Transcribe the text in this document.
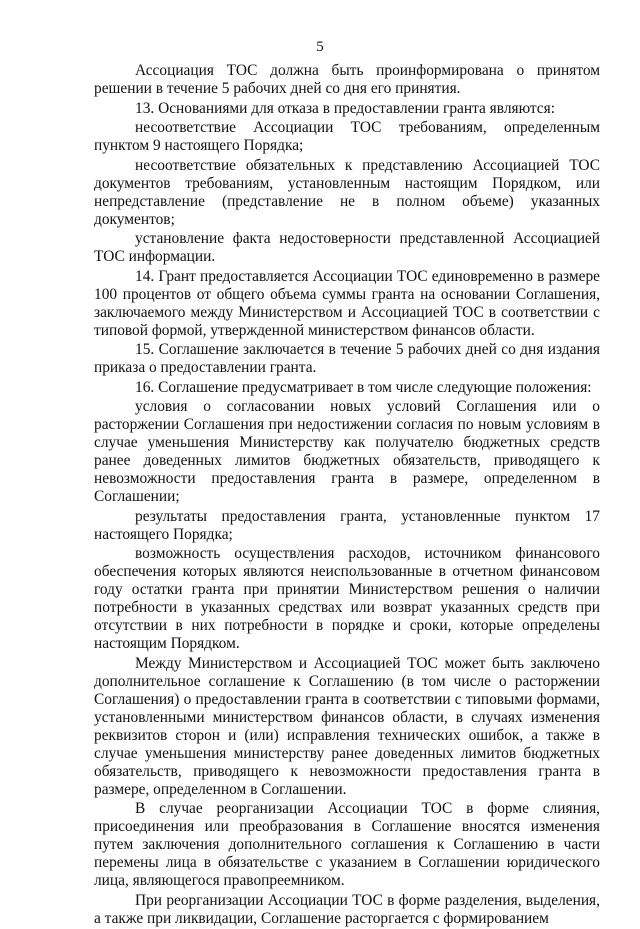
5

Ассоциация ТОС должна быть проинформирована о принятом решении в течение 5 рабочих дней со дня его принятия.

13. Основаниями для отказа в предоставлении гранта являются:

несоответствие Ассоциации ТОС требованиям, определенным пунктом 9 настоящего Порядка;

несоответствие обязательных к представлению Ассоциацией ТОС документов требованиям, установленным настоящим Порядком, или непредставление (представление не в полном объеме) указанных документов;

установление факта недостоверности представленной Ассоциацией ТОС информации.

14. Грант предоставляется Ассоциации ТОС единовременно в размере 100 процентов от общего объема суммы гранта на основании Соглашения, заключаемого между Министерством и Ассоциацией ТОС в соответствии с типовой формой, утвержденной министерством финансов области.

15. Соглашение заключается в течение 5 рабочих дней со дня издания приказа о предоставлении гранта.

16. Соглашение предусматривает в том числе следующие положения:

условия о согласовании новых условий Соглашения или о расторжении Соглашения при недостижении согласия по новым условиям в случае уменьшения Министерству как получателю бюджетных средств ранее доведенных лимитов бюджетных обязательств, приводящего к невозможности предоставления гранта в размере, определенном в Соглашении;

результаты предоставления гранта, установленные пунктом 17 настоящего Порядка;

возможность осуществления расходов, источником финансового обеспечения которых являются неиспользованные в отчетном финансовом году остатки гранта при принятии Министерством решения о наличии потребности в указанных средствах или возврат указанных средств при отсутствии в них потребности в порядке и сроки, которые определены настоящим Порядком.

Между Министерством и Ассоциацией ТОС может быть заключено дополнительное соглашение к Соглашению (в том числе о расторжении Соглашения) о предоставлении гранта в соответствии с типовыми формами, установленными министерством финансов области, в случаях изменения реквизитов сторон и (или) исправления технических ошибок, а также в случае уменьшения министерству ранее доведенных лимитов бюджетных обязательств, приводящего к невозможности предоставления гранта в размере, определенном в Соглашении.

В случае реорганизации Ассоциации ТОС в форме слияния, присоединения или преобразования в Соглашение вносятся изменения путем заключения дополнительного соглашения к Соглашению в части перемены лица в обязательстве с указанием в Соглашении юридического лица, являющегося правопреемником.

При реорганизации Ассоциации ТОС в форме разделения, выделения, а также при ликвидации, Соглашение расторгается с формированием
